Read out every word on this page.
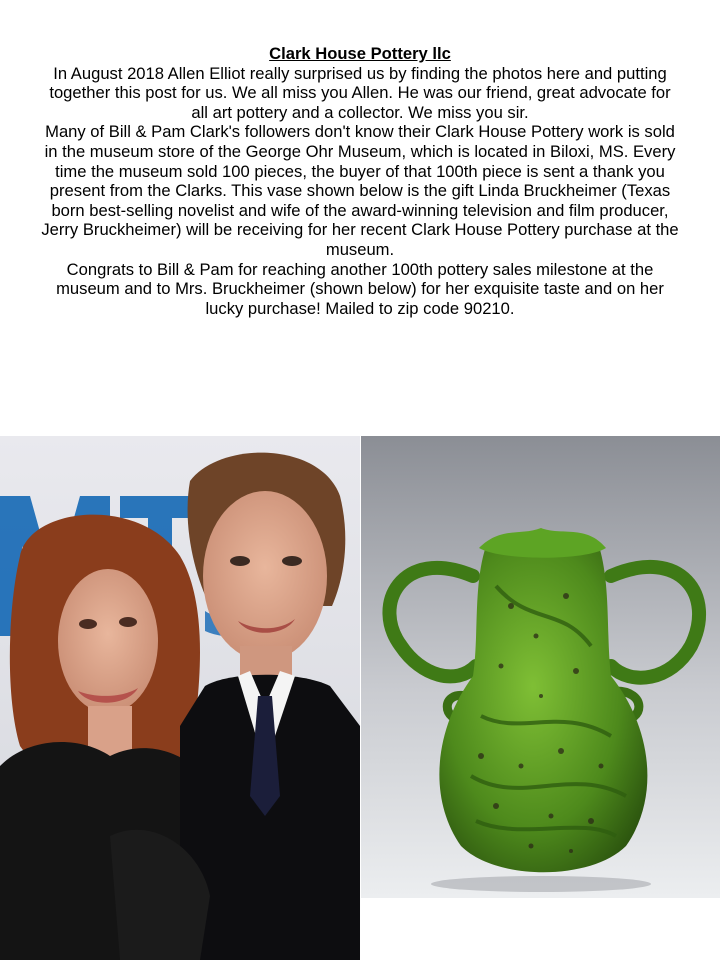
Clark House Pottery llc
In August 2018 Allen Elliot really surprised us by finding the photos here and putting together this post for us. We all miss you Allen. He was our friend, great advocate for all art pottery and a collector. We miss you sir.
Many of Bill & Pam Clark's followers don't know their Clark House Pottery work is sold in the museum store of the George Ohr Museum, which is located in Biloxi, MS. Every time the museum sold 100 pieces, the buyer of that 100th piece is sent a thank you present from the Clarks. This vase shown below is the gift Linda Bruckheimer (Texas born best-selling novelist and wife of the award-winning television and film producer, Jerry Bruckheimer) will be receiving for her recent Clark House Pottery purchase at the museum.
Congrats to Bill & Pam for reaching another 100th pottery sales milestone at the museum and to Mrs. Bruckheimer (shown below) for her exquisite taste and on her lucky purchase! Mailed to zip code 90210.
